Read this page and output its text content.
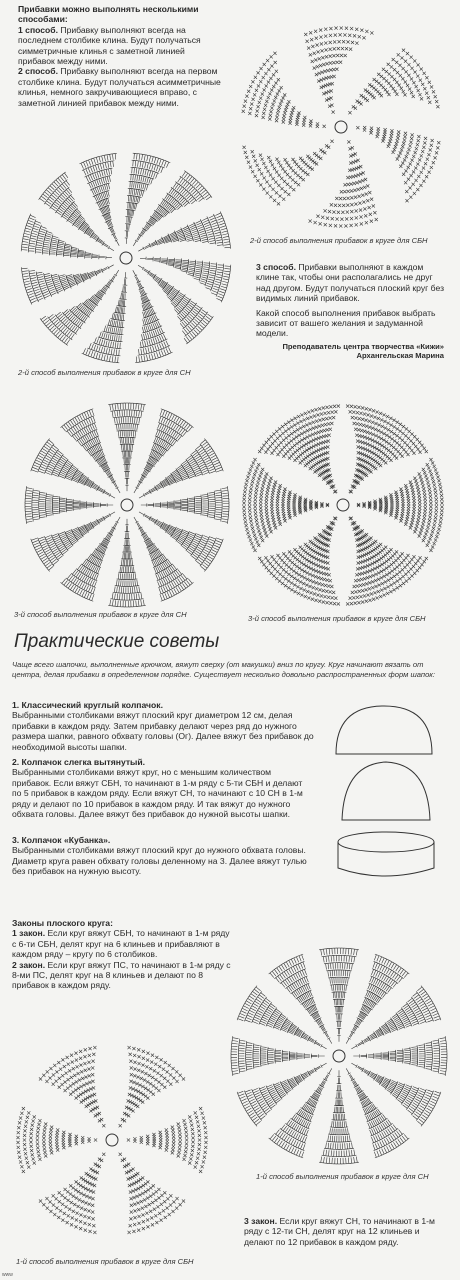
Прибавки можно выполнять несколькими способами:
1 способ. Прибавку выполняют всегда на последнем столбике клина. Будут получаться симметричные клинья с заметной линией прибавок между ними.
2 способ. Прибавку выполняют всегда на первом столбике клина. Будут получаться асимметричные клинья, немного закручивающиеся вправо, с заметной линией прибавок между ними.
2-й способ выполнения прибавок в круге для СБН
2-й способ выполнения прибавок в круге для СН
3 способ. Прибавки выполняют в каждом клине так, чтобы они располагались не друг над другом. Будут получаться плоский круг без видимых линий прибавок.
Какой способ выполнения прибавок выбрать зависит от вашего желания и задуманной модели.
Преподаватель центра творчества «Кижи»
Архангельская Марина
3-й способ выполнения прибавок в круге для СН	3-й способ выполнения прибавок в круге для СБН
Практические советы
Чаще всего шапочки, выполненные крючком, вяжут сверху (от макушки) вниз по кругу. Круг начинают вязать от центра, делая прибавки в определенном порядке. Существует несколько довольно распространенных форм шапок:
1. Классический круглый колпачок.
Выбранными столбиками вяжут плоский круг диаметром 12 см, делая прибавки в каждом ряду. Затем прибавку делают через ряд до нужного размера шапки, равного обхвату головы (Ог). Далее вяжут без прибавок до необходимой высоты шапки.
2. Колпачок слегка вытянутый.
Выбранными столбиками вяжут круг, но с меньшим количеством прибавок. Если вяжут СБН, то начинают в 1-м ряду с 5-ти СБН и делают по 5 прибавок в каждом ряду. Если вяжут СН, то начинают с 10 СН в 1-м ряду и делают по 10 прибавок в каждом ряду. И так вяжут до нужного обхвата головы. Далее вяжут без прибавок до нужной высоты шапки.
3. Колпачок «Кубанка».
Выбранными столбиками вяжут плоский круг до нужного обхвата головы. Диаметр круга равен обхвату головы деленному на 3. Далее вяжут тулью без прибавок на нужную высоту.
Законы плоского круга:
1 закон. Если круг вяжут СБН, то начинают в 1-м ряду с 6-ти СБН, делят круг на 6 клиньев и прибавляют в каждом ряду – кругу по 6 столбиков.
2 закон. Если круг вяжут ПС, то начинают в 1-м ряду с 8-ми ПС, делят круг на 8 клиньев и делают по 8 прибавок в каждом ряду.
1-й способ выполнения прибавок в круге для СН
1-й способ выполнения прибавок в круге для СБН
3 закон. Если круг вяжут СН, то начинают в 1-м ряду с 12-ти СН, делят круг на 12 клиньев и делают по 12 прибавок в каждом ряду.
www
